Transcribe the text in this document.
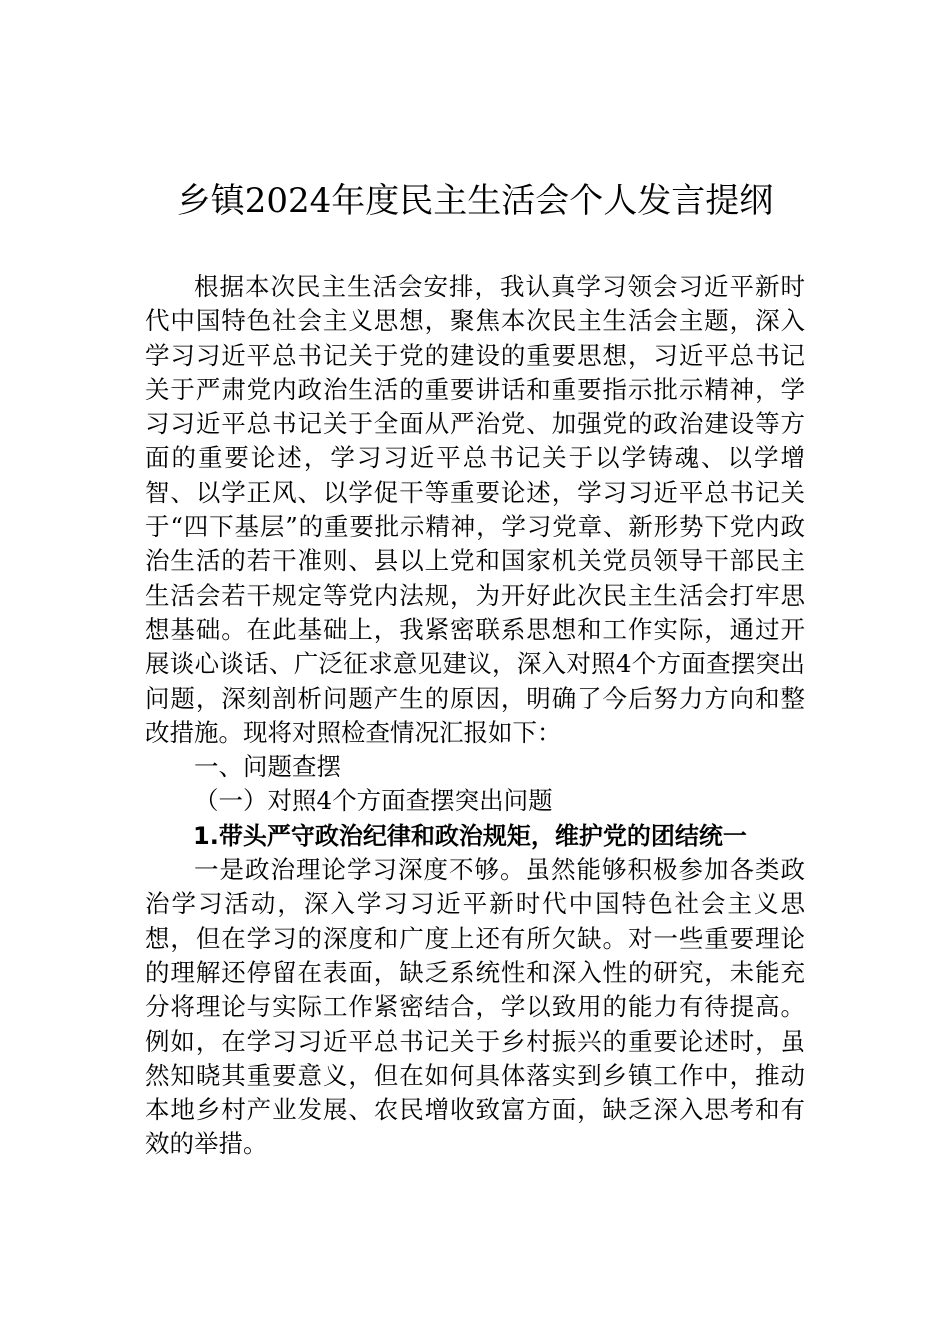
乡镇2024年度民主生活会个人发言提纲

根据本次民主生活会安排，我认真学习领会习近平新时代中国特色社会主义思想，聚焦本次民主生活会主题，深入学习习近平总书记关于党的建设的重要思想，习近平总书记关于严肃党内政治生活的重要讲话和重要指示批示精神，学习习近平总书记关于全面从严治党、加强党的政治建设等方面的重要论述，学习习近平总书记关于以学铸魂、以学增智、以学正风、以学促干等重要论述，学习习近平总书记关于“四下基层”的重要批示精神，学习党章、新形势下党内政治生活的若干准则、县以上党和国家机关党员领导干部民主生活会若干规定等党内法规，为开好此次民主生活会打牢思想基础。在此基础上，我紧密联系思想和工作实际，通过开展谈心谈话、广泛征求意见建议，深入对照4个方面查摆突出问题，深刻剖析问题产生的原因，明确了今后努力方向和整改措施。现将对照检查情况汇报如下：

一、问题查摆

（一）对照4个方面查摆突出问题

1.带头严守政治纪律和政治规矩，维护党的团结统一

一是政治理论学习深度不够。虽然能够积极参加各类政治学习活动，深入学习习近平新时代中国特色社会主义思想，但在学习的深度和广度上还有所欠缺。对一些重要理论的理解还停留在表面，缺乏系统性和深入性的研究，未能充分将理论与实际工作紧密结合，学以致用的能力有待提高。例如，在学习习近平总书记关于乡村振兴的重要论述时，虽然知晓其重要意义，但在如何具体落实到乡镇工作中，推动本地乡村产业发展、农民增收致富方面，缺乏深入思考和有效的举措。
